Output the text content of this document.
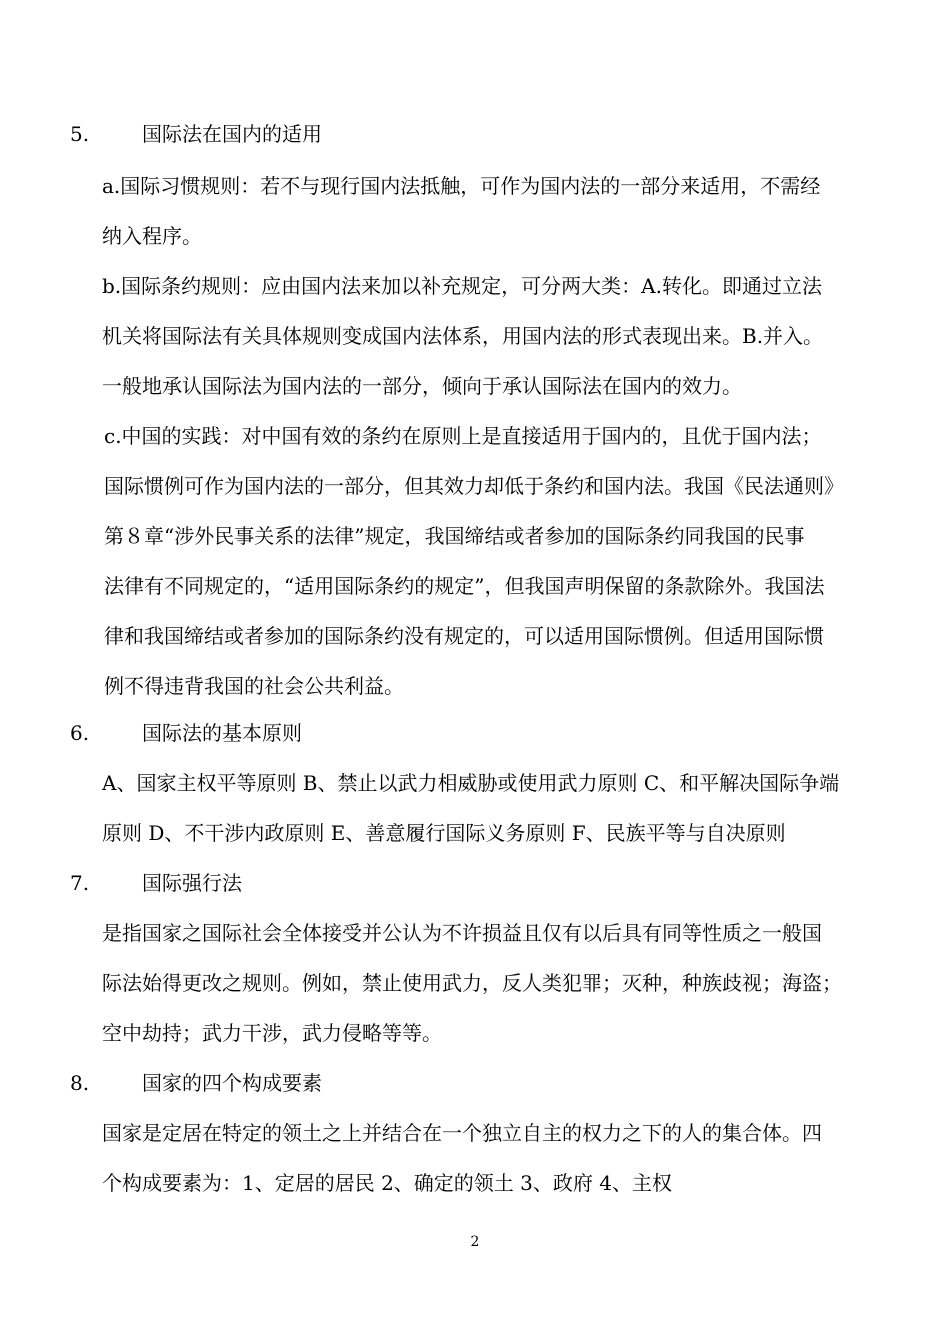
5.	国际法在国内的适用
a.国际习惯规则：若不与现行国内法抵触，可作为国内法的一部分来适用，不需经
纳入程序。
b.国际条约规则：应由国内法来加以补充规定，可分两大类：A.转化。即通过立法
机关将国际法有关具体规则变成国内法体系，用国内法的形式表现出来。B.并入。
一般地承认国际法为国内法的一部分，倾向于承认国际法在国内的效力。
c.中国的实践：对中国有效的条约在原则上是直接适用于国内的，且优于国内法；
国际惯例可作为国内法的一部分，但其效力却低于条约和国内法。我国《民法通则》
第８章“涉外民事关系的法律”规定，我国缔结或者参加的国际条约同我国的民事
法律有不同规定的，“适用国际条约的规定”，但我国声明保留的条款除外。我国法
律和我国缔结或者参加的国际条约没有规定的，可以适用国际惯例。但适用国际惯
例不得违背我国的社会公共利益。
6.	国际法的基本原则
A、国家主权平等原则 B、禁止以武力相威胁或使用武力原则 C、和平解决国际争端
原则 D、不干涉内政原则 E、善意履行国际义务原则 F、民族平等与自决原则
7.	国际强行法
是指国家之国际社会全体接受并公认为不许损益且仅有以后具有同等性质之一般国
际法始得更改之规则。例如，禁止使用武力，反人类犯罪；灭种，种族歧视；海盗；
空中劫持；武力干涉，武力侵略等等。
8.	国家的四个构成要素
国家是定居在特定的领土之上并结合在一个独立自主的权力之下的人的集合体。四
个构成要素为：1、定居的居民 2、确定的领土 3、政府 4、主权
2
